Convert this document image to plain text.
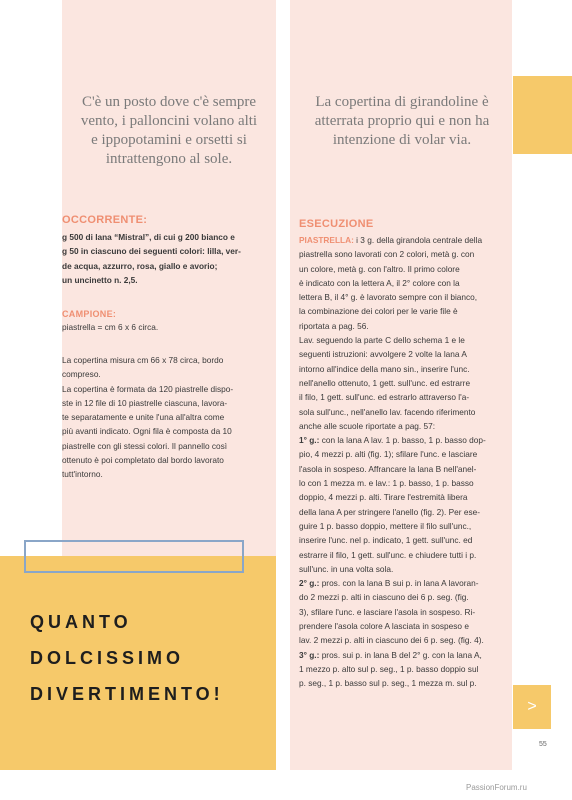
C'è un posto dove c'è sempre
vento, i palloncini volano alti
e ippopotamini e orsetti si
intrattengono al sole.
La copertina di girandoline è
atterrata proprio qui e non ha
intenzione di volar via.
OCCORRENTE:
g 500 di lana “Mistral”, di cui g 200 bianco e
g 50 in ciascuno dei seguenti colori: lilla, ver-
de acqua, azzurro, rosa, giallo e avorio;
un uncinetto n. 2,5.
CAMPIONE:
piastrella = cm 6 x 6 circa.
La copertina misura cm 66 x 78 circa, bordo
compreso.
La copertina è formata da 120 piastrelle dispo-
ste in 12 file di 10 piastrelle ciascuna, lavora-
te separatamente e unite l'una all'altra come
più avanti indicato. Ogni fila è composta da 10
piastrelle con gli stessi colori. Il pannello così
ottenuto è poi completato dal bordo lavorato
tutt'intorno.
QUANTO
DOLCISSIMO
DIVERTIMENTO!
ESECUZIONE
PIASTRELLA: i 3 g. della girandola centrale della
piastrella sono lavorati con 2 colori, metà g. con
un colore, metà g. con l'altro. Il primo colore
è indicato con la lettera A, il 2° colore con la
lettera B, il 4° g. è lavorato sempre con il bianco,
la combinazione dei colori per le varie file è
riportata a pag. 56.
Lav. seguendo la parte C dello schema 1 e le
seguenti istruzioni: avvolgere 2 volte la lana A
intorno all'indice della mano sin., inserire l'unc.
nell'anello ottenuto, 1 gett. sull'unc. ed estrarre
il filo, 1 gett. sull'unc. ed estrarlo attraverso l'a-
sola sull'unc., nell'anello lav. facendo riferimento
anche alle scuole riportate a pag. 57:
1° g.: con la lana A lav. 1 p. basso, 1 p. basso dop-
pio, 4 mezzi p. alti (fig. 1); sfilare l'unc. e lasciare
l'asola in sospeso. Affrancare la lana B nell'anel-
lo con 1 mezza m. e lav.: 1 p. basso, 1 p. basso
doppio, 4 mezzi p. alti. Tirare l'estremità libera
della lana A per stringere l'anello (fig. 2). Per ese-
guire 1 p. basso doppio, mettere il filo sull'unc.,
inserire l'unc. nel p. indicato, 1 gett. sull'unc. ed
estrarre il filo, 1 gett. sull'unc. e chiudere tutti i p.
sull'unc. in una volta sola.
2° g.: pros. con la lana B sui p. in lana A lavoran-
do 2 mezzi p. alti in ciascuno dei 6 p. seg. (fig.
3), sfilare l'unc. e lasciare l'asola in sospeso. Ri-
prendere l'asola colore A lasciata in sospeso e
lav. 2 mezzi p. alti in ciascuno dei 6 p. seg. (fig. 4).
3° g.: pros. sui p. in lana B del 2° g. con la lana A,
1 mezzo p. alto sul p. seg., 1 p. basso doppio sul
p. seg., 1 p. basso sul p. seg., 1 mezza m. sul p.
>
55
PassionForum.ru
